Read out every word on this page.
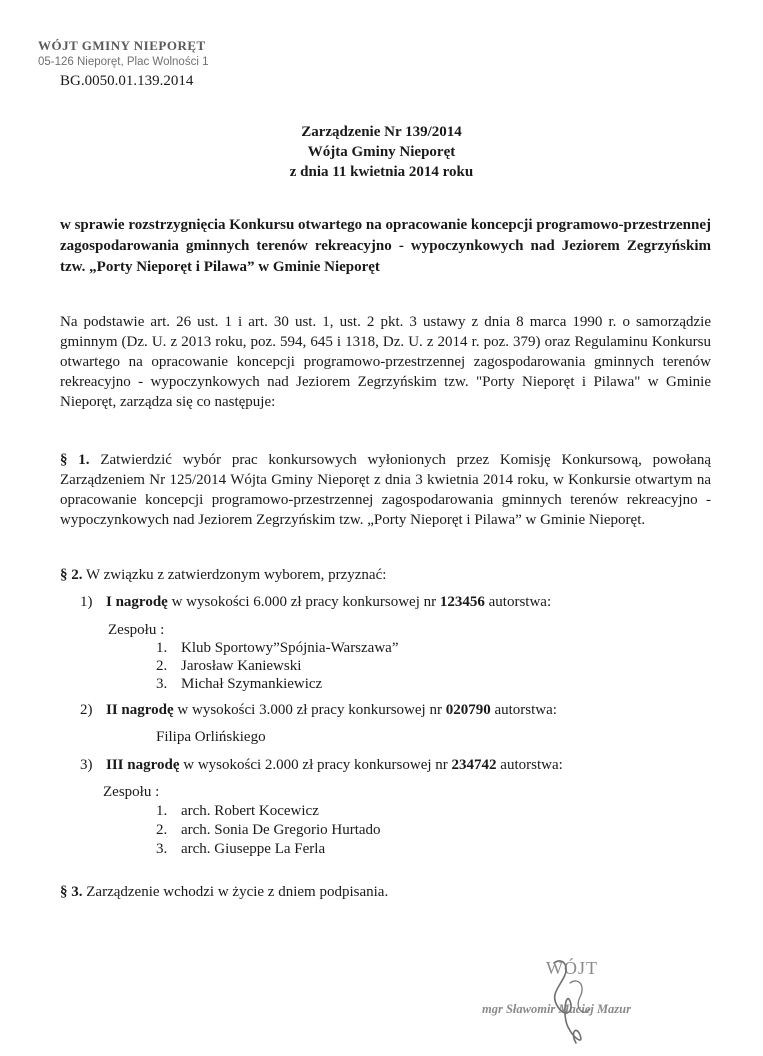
WÓJT GMINY NIEPORĘT
05-126 Nieporęt, Plac Wolności 1
BG.0050.01.139.2014
Zarządzenie Nr 139/2014
Wójta Gminy Nieporęt
z dnia 11 kwietnia 2014 roku
w sprawie rozstrzygnięcia Konkursu otwartego na opracowanie koncepcji programowo-przestrzennej zagospodarowania gminnych terenów rekreacyjno - wypoczynkowych nad Jeziorem Zegrzyńskim tzw. „Porty Nieporęt i Pilawa” w Gminie Nieporęt
Na podstawie art. 26 ust. 1 i art. 30 ust. 1, ust. 2 pkt. 3 ustawy z dnia 8 marca 1990 r. o samorządzie gminnym (Dz. U. z 2013 roku, poz. 594, 645 i 1318, Dz. U. z 2014 r. poz. 379) oraz Regulaminu Konkursu otwartego na opracowanie koncepcji programowo-przestrzennej zagospodarowania gminnych terenów rekreacyjno - wypoczynkowych nad Jeziorem Zegrzyńskim tzw. "Porty Nieporęt i Pilawa" w Gminie Nieporęt, zarządza się co następuje:
§ 1. Zatwierdzić wybór prac konkursowych wyłonionych przez Komisję Konkursową, powołaną Zarządzeniem Nr 125/2014 Wójta Gminy Nieporęt z dnia 3 kwietnia 2014 roku, w Konkursie otwartym na opracowanie koncepcji programowo-przestrzennej zagospodarowania gminnych terenów rekreacyjno - wypoczynkowych nad Jeziorem Zegrzyńskim tzw. „Porty Nieporęt i Pilawa” w Gminie Nieporęt.
§ 2. W związku z zatwierdzonym wyborem, przyznać:
1) I nagrodę w wysokości 6.000 zł pracy konkursowej nr 123456 autorstwa:
Zespołu :
1. Klub Sportowy”Spójnia-Warszawa”
2. Jarosław Kaniewski
3. Michał Szymankiewicz
2) II nagrodę w wysokości 3.000 zł pracy konkursowej nr 020790 autorstwa:
Filipa Orlińskiego
3) III nagrodę w wysokości 2.000 zł pracy konkursowej nr 234742 autorstwa:
Zespołu :
1. arch. Robert Kocewicz
2. arch. Sonia De Gregorio Hurtado
3. arch. Giuseppe La Ferla
§ 3. Zarządzenie wchodzi w życie z dniem podpisania.
WÓJT
mgr Sławomir Maciej Mazur
